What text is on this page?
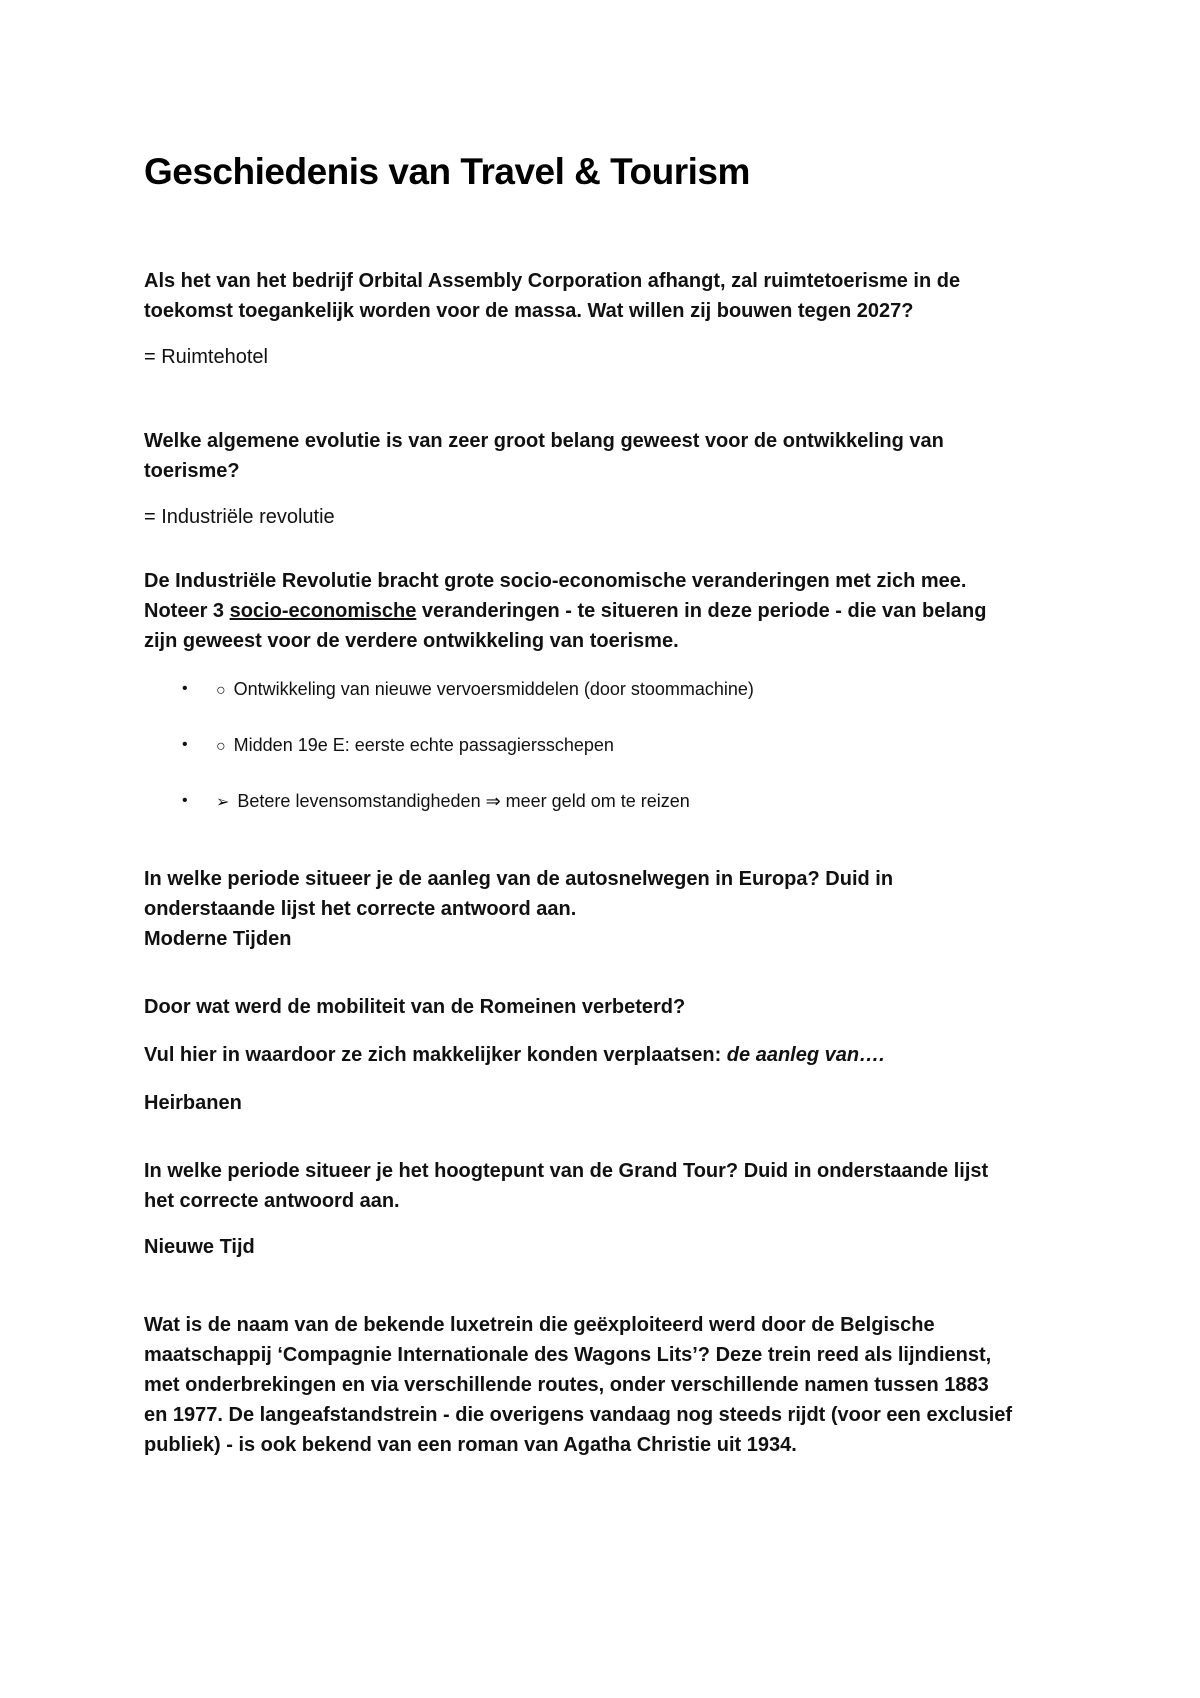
Geschiedenis van Travel & Tourism

Als het van het bedrijf Orbital Assembly Corporation afhangt, zal ruimtetoerisme in de

toekomst toegankelijk worden voor de massa. Wat willen zij bouwen tegen 2027?

= Ruimtehotel

Welke algemene evolutie is van zeer groot belang geweest voor de ontwikkeling van

toerisme?

= Industriële revolutie

De Industriële Revolutie bracht grote socio-economische veranderingen met zich mee.

Noteer 3 socio-economische veranderingen - te situeren in deze periode - die van belang

zijn geweest voor de verdere ontwikkeling van toerisme.

• ○ Ontwikkeling van nieuwe vervoersmiddelen (door stoommachine)
• ○ Midden 19e E: eerste echte passagiersschepen
• ➢ Betere levensomstandigheden ⇒ meer geld om te reizen

In welke periode situeer je de aanleg van de autosnelwegen in Europa? Duid in

onderstaande lijst het correcte antwoord aan.

Moderne Tijden

Door wat werd de mobiliteit van de Romeinen verbeterd?

Vul hier in waardoor ze zich makkelijker konden verplaatsen: de aanleg van….

Heirbanen

In welke periode situeer je het hoogtepunt van de Grand Tour? Duid in onderstaande lijst

het correcte antwoord aan.

Nieuwe Tijd

Wat is de naam van de bekende luxetrein die geëxploiteerd werd door de Belgische

maatschappij ‘Compagnie Internationale des Wagons Lits’? Deze trein reed als lijndienst,

met onderbrekingen en via verschillende routes, onder verschillende namen tussen 1883

en 1977. De langeafstandstrein - die overigens vandaag nog steeds rijdt (voor een exclusief

publiek) - is ook bekend van een roman van Agatha Christie uit 1934.
